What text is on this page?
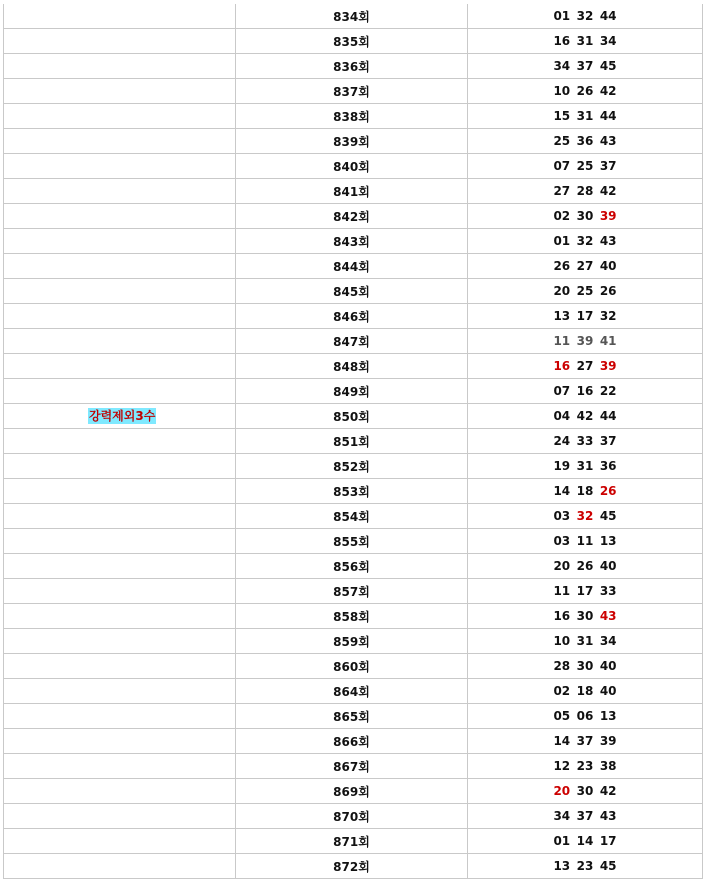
	834회	01 32 44
	835회	16 31 34
	836회	34 37 45
	837회	10 26 42
	838회	15 31 44
	839회	25 36 43
	840회	07 25 37
	841회	27 28 42
	842회	02 30 39
	843회	01 32 43
	844회	26 27 40
	845회	20 25 26
	846회	13 17 32
	847회	11 39 41
	848회	16 27 39
	849회	07 16 22

강력제외3수	850회	04 42 44
	851회	24 33 37
	852회	19 31 36
	853회	14 18 26
	854회	03 32 45
	855회	03 11 13
	856회	20 26 40
	857회	11 17 33
	858회	16 30 43
	859회	10 31 34
	860회	28 30 40
	864회	02 18 40
	865회	05 06 13
	866회	14 37 39
	867회	12 23 38
	869회	20 30 42
	870회	34 37 43
	871회	01 14 17
	872회	13 23 45
